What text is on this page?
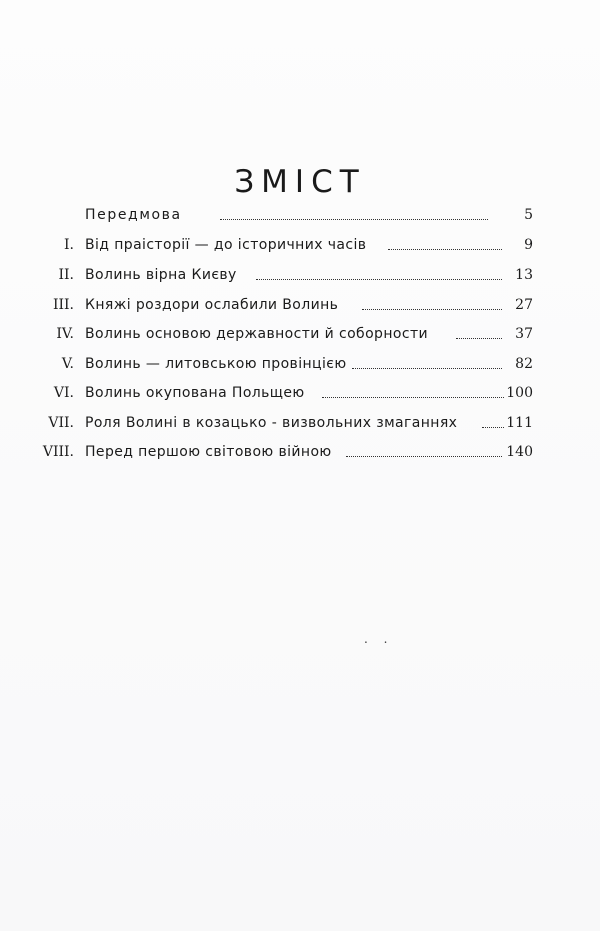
ЗМІСТ
Передмова	5
I. Від праісторії — до історичних часів	9
II. Волинь вірна Києву	13
III. Княжі роздори ослабили Волинь	27
IV. Волинь основою державности й соборности	37
V. Волинь — литовською провінцією	82
VI. Волинь окупована Польщею	100
VII. Роля Волині в козацько - визвольних змаганнях	111
VIII. Перед першою світовою війною	140
. .
